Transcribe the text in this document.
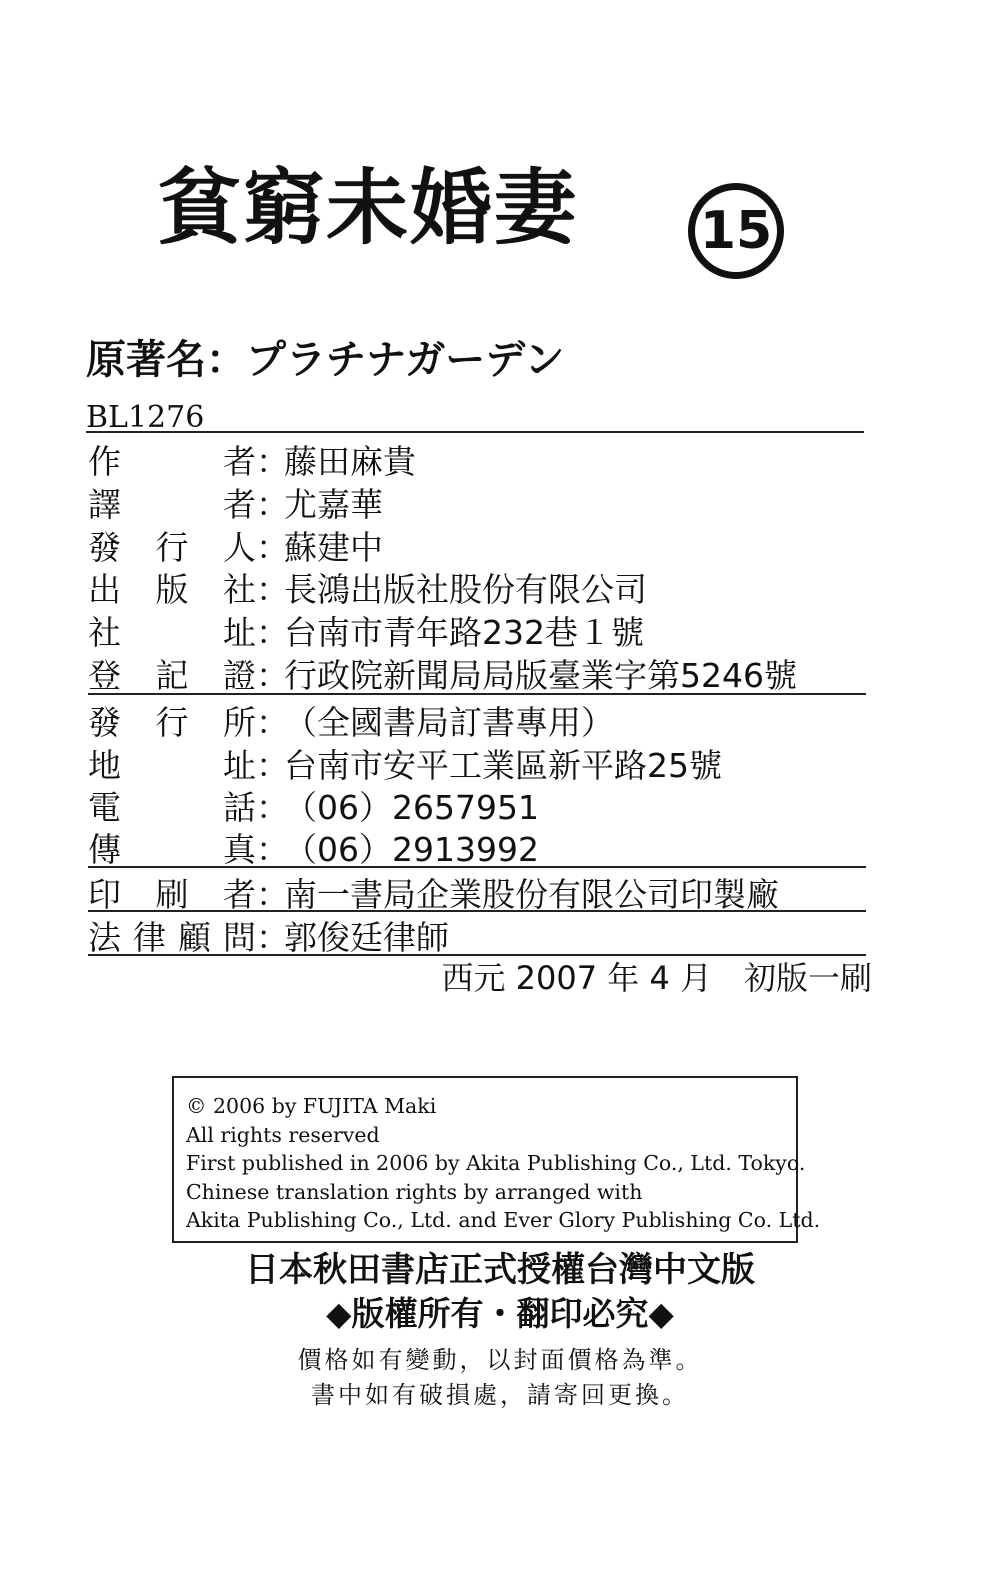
貧窮未婚妻 15
原著名：プラチナガーデン
BL1276
作	者 ：
藤田麻貴
譯	者 ：
尤嘉華
發 行 人 ：
蘇建中
出 版 社 ：
長鴻出版社股份有限公司
社	址 ：
台南市青年路232巷１號
登 記 證 ：
行政院新聞局局版臺業字第5246號
發 行 所 ：
（全國書局訂書專用）
地	址 ：
台南市安平工業區新平路25號
電	話 ：
（06）2657951
傳	真 ：
（06）2913992
印 刷 者 ：
南一書局企業股份有限公司印製廠
法 律 顧 問 ：
郭俊廷律師
西元 2007 年 4 月　初版一刷
© 2006 by FUJITA Maki
All rights reserved
First published in 2006 by Akita Publishing Co., Ltd. Tokyo.
Chinese translation rights by arranged with
Akita Publishing Co., Ltd. and Ever Glory Publishing Co. Ltd.
日本秋田書店正式授權台灣中文版
◆版權所有・翻印必究◆
價格如有變動，以封面價格為準。
書中如有破損處，請寄回更換。
